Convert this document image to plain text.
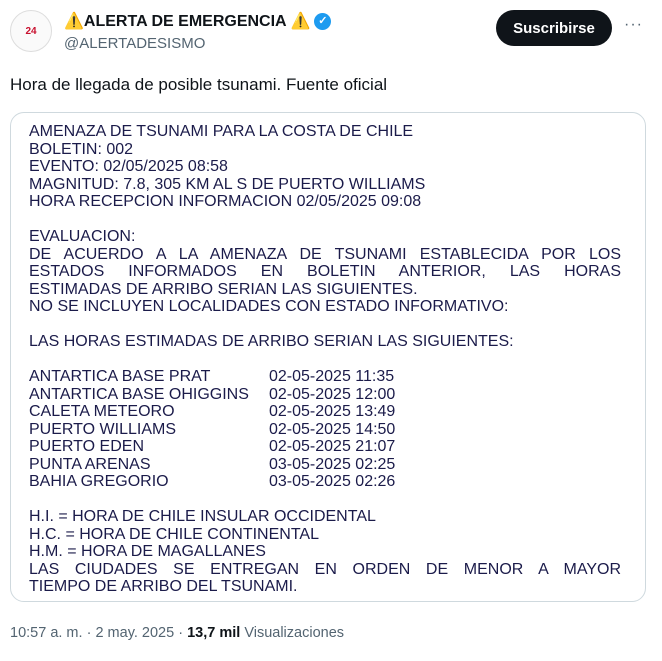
24
⚠️ALERTA DE EMERGENCIA ⚠️ ✓
@ALERTADESISMO
Suscribirse	···
Hora de llegada de posible tsunami. Fuente oficial
AMENAZA DE TSUNAMI PARA LA COSTA DE CHILE
BOLETIN: 002
EVENTO: 02/05/2025 08:58
MAGNITUD: 7.8, 305 KM AL S DE PUERTO WILLIAMS
HORA RECEPCION INFORMACION 02/05/2025 09:08
EVALUACION:
DE ACUERDO A LA AMENAZA DE TSUNAMI ESTABLECIDA POR LOS
ESTADOS INFORMADOS EN BOLETIN ANTERIOR, LAS HORAS
ESTIMADAS DE ARRIBO SERIAN LAS SIGUIENTES.
NO SE INCLUYEN LOCALIDADES CON ESTADO INFORMATIVO:
LAS HORAS ESTIMADAS DE ARRIBO SERIAN LAS SIGUIENTES:
ANTARTICA BASE PRAT	02-05-2025 11:35
ANTARTICA BASE OHIGGINS	02-05-2025 12:00
CALETA METEORO	02-05-2025 13:49
PUERTO WILLIAMS	02-05-2025 14:50
PUERTO EDEN	02-05-2025 21:07
PUNTA ARENAS	03-05-2025 02:25
BAHIA GREGORIO	03-05-2025 02:26
H.I. = HORA DE CHILE INSULAR OCCIDENTAL
H.C. = HORA DE CHILE CONTINENTAL
H.M. = HORA DE MAGALLANES
LAS CIUDADES SE ENTREGAN EN ORDEN DE MENOR A MAYOR
TIEMPO DE ARRIBO DEL TSUNAMI.
10:57 a. m. · 2 may. 2025 · 13,7 mil Visualizaciones
